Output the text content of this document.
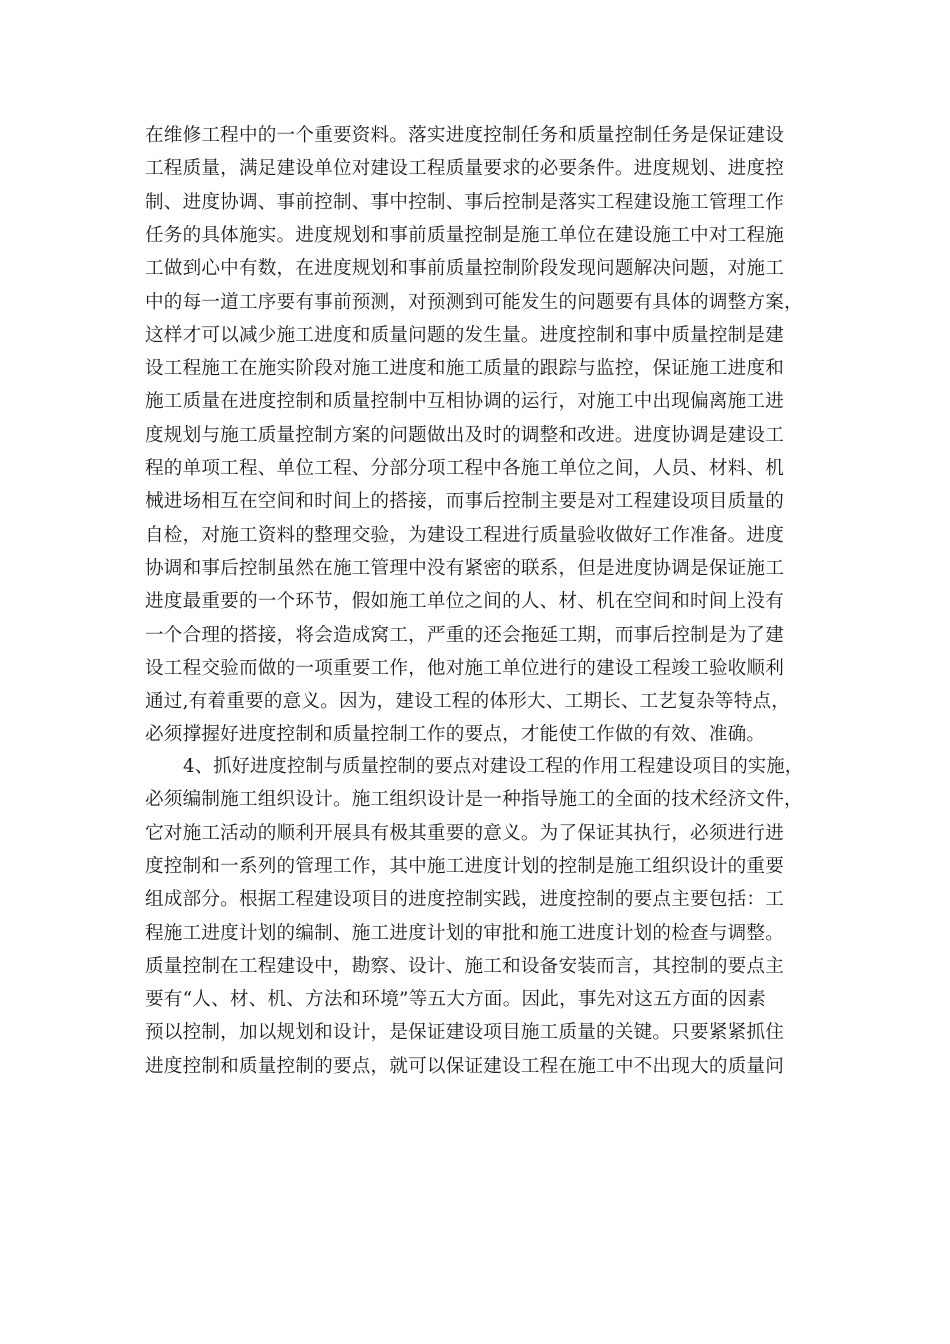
在维修工程中的一个重要资料。落实进度控制任务和质量控制任务是保证建设
工程质量，满足建设单位对建设工程质量要求的必要条件。进度规划、进度控
制、进度协调、事前控制、事中控制、事后控制是落实工程建设施工管理工作
任务的具体施实。进度规划和事前质量控制是施工单位在建设施工中对工程施
工做到心中有数，在进度规划和事前质量控制阶段发现问题解决问题，对施工
中的每一道工序要有事前预测，对预测到可能发生的问题要有具体的调整方案，
这样才可以减少施工进度和质量问题的发生量。进度控制和事中质量控制是建
设工程施工在施实阶段对施工进度和施工质量的跟踪与监控，保证施工进度和
施工质量在进度控制和质量控制中互相协调的运行，对施工中出现偏离施工进
度规划与施工质量控制方案的问题做出及时的调整和改进。进度协调是建设工
程的单项工程、单位工程、分部分项工程中各施工单位之间，人员、材料、机
械进场相互在空间和时间上的搭接，而事后控制主要是对工程建设项目质量的
自检，对施工资料的整理交验，为建设工程进行质量验收做好工作准备。进度
协调和事后控制虽然在施工管理中没有紧密的联系，但是进度协调是保证施工
进度最重要的一个环节，假如施工单位之间的人、材、机在空间和时间上没有
一个合理的搭接，将会造成窝工，严重的还会拖延工期，而事后控制是为了建
设工程交验而做的一项重要工作，他对施工单位进行的建设工程竣工验收顺利
通过,有着重要的意义。因为，建设工程的体形大、工期长、工艺复杂等特点，
必须撑握好进度控制和质量控制工作的要点，才能使工作做的有效、准确。
4、抓好进度控制与质量控制的要点对建设工程的作用工程建设项目的实施，
必须编制施工组织设计。施工组织设计是一种指导施工的全面的技术经济文件，
它对施工活动的顺利开展具有极其重要的意义。为了保证其执行，必须进行进
度控制和一系列的管理工作，其中施工进度计划的控制是施工组织设计的重要
组成部分。根据工程建设项目的进度控制实践，进度控制的要点主要包括：工
程施工进度计划的编制、施工进度计划的审批和施工进度计划的检查与调整。
质量控制在工程建设中，勘察、设计、施工和设备安装而言，其控制的要点主
要有“人、材、机、方法和环境”等五大方面。因此，事先对这五方面的因素
预以控制，加以规划和设计，是保证建设项目施工质量的关键。只要紧紧抓住
进度控制和质量控制的要点，就可以保证建设工程在施工中不出现大的质量问
